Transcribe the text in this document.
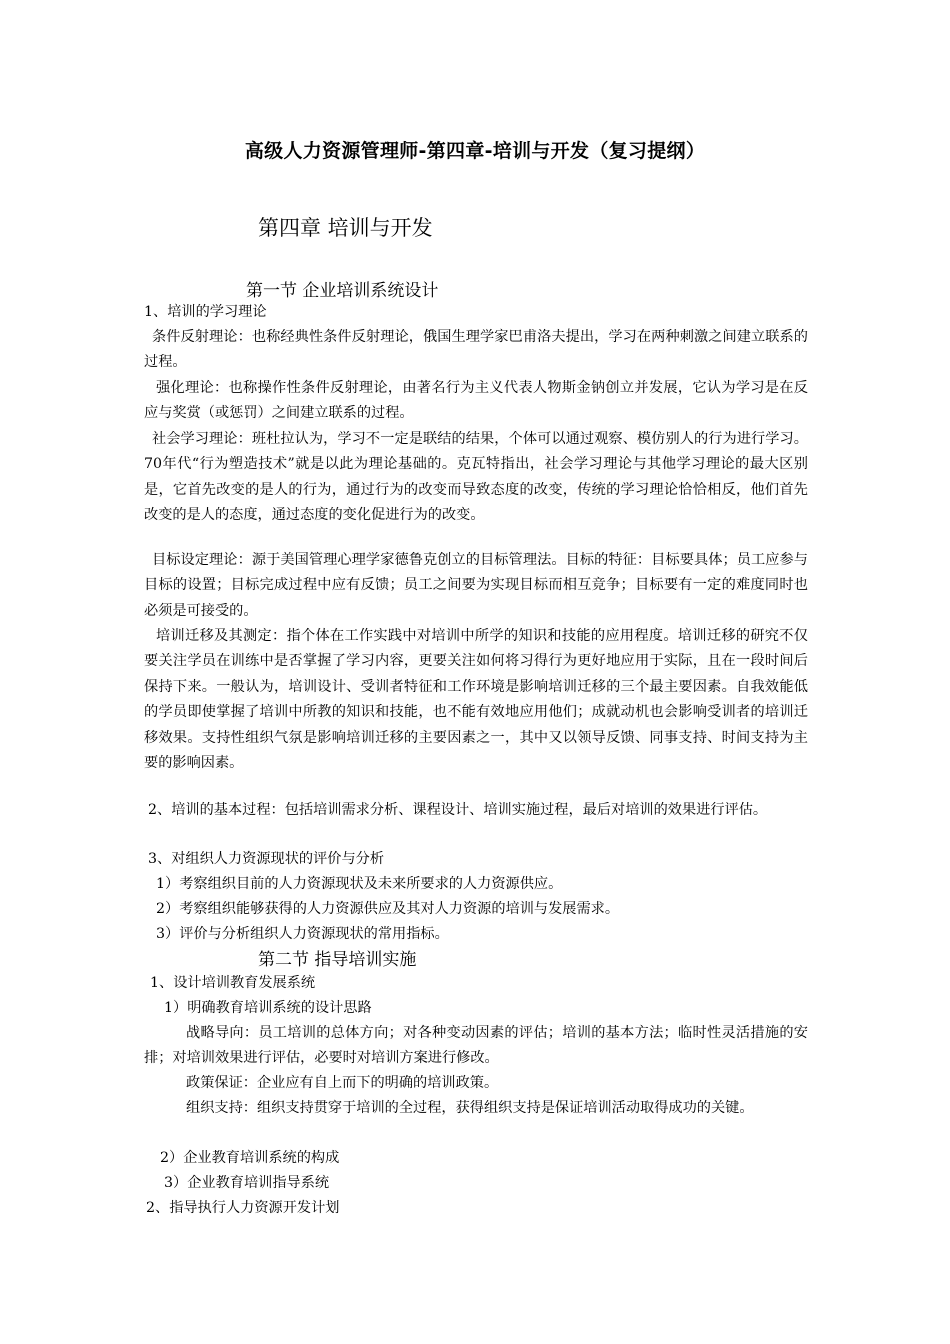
高级人力资源管理师-第四章-培训与开发（复习提纲）
第四章 培训与开发
第一节 企业培训系统设计
1、培训的学习理论
条件反射理论：也称经典性条件反射理论，俄国生理学家巴甫洛夫提出，学习在两种刺激之间建立联系的过程。
强化理论：也称操作性条件反射理论，由著名行为主义代表人物斯金钠创立并发展，它认为学习是在反应与奖赏（或惩罚）之间建立联系的过程。
社会学习理论：班杜拉认为，学习不一定是联结的结果，个体可以通过观察、模仿别人的行为进行学习。70年代“行为塑造技术”就是以此为理论基础的。克瓦特指出，社会学习理论与其他学习理论的最大区别是，它首先改变的是人的行为，通过行为的改变而导致态度的改变，传统的学习理论恰恰相反，他们首先改变的是人的态度，通过态度的变化促进行为的改变。
目标设定理论：源于美国管理心理学家德鲁克创立的目标管理法。目标的特征：目标要具体；员工应参与目标的设置；目标完成过程中应有反馈；员工之间要为实现目标而相互竞争；目标要有一定的难度同时也必须是可接受的。
培训迁移及其测定：指个体在工作实践中对培训中所学的知识和技能的应用程度。培训迁移的研究不仅要关注学员在训练中是否掌握了学习内容，更要关注如何将习得行为更好地应用于实际，且在一段时间后保持下来。一般认为，培训设计、受训者特征和工作环境是影响培训迁移的三个最主要因素。自我效能低的学员即使掌握了培训中所教的知识和技能，也不能有效地应用他们；成就动机也会影响受训者的培训迁移效果。支持性组织气氛是影响培训迁移的主要因素之一，其中又以领导反馈、同事支持、时间支持为主要的影响因素。
2、培训的基本过程：包括培训需求分析、课程设计、培训实施过程，最后对培训的效果进行评估。
3、对组织人力资源现状的评价与分析
1）考察组织目前的人力资源现状及未来所要求的人力资源供应。
2）考察组织能够获得的人力资源供应及其对人力资源的培训与发展需求。
3）评价与分析组织人力资源现状的常用指标。
第二节 指导培训实施
1、设计培训教育发展系统
1）明确教育培训系统的设计思路
战略导向：员工培训的总体方向；对各种变动因素的评估；培训的基本方法；临时性灵活措施的安排；对培训效果进行评估，必要时对培训方案进行修改。
政策保证：企业应有自上而下的明确的培训政策。
组织支持：组织支持贯穿于培训的全过程，获得组织支持是保证培训活动取得成功的关键。
2）企业教育培训系统的构成
3）企业教育培训指导系统
2、指导执行人力资源开发计划
